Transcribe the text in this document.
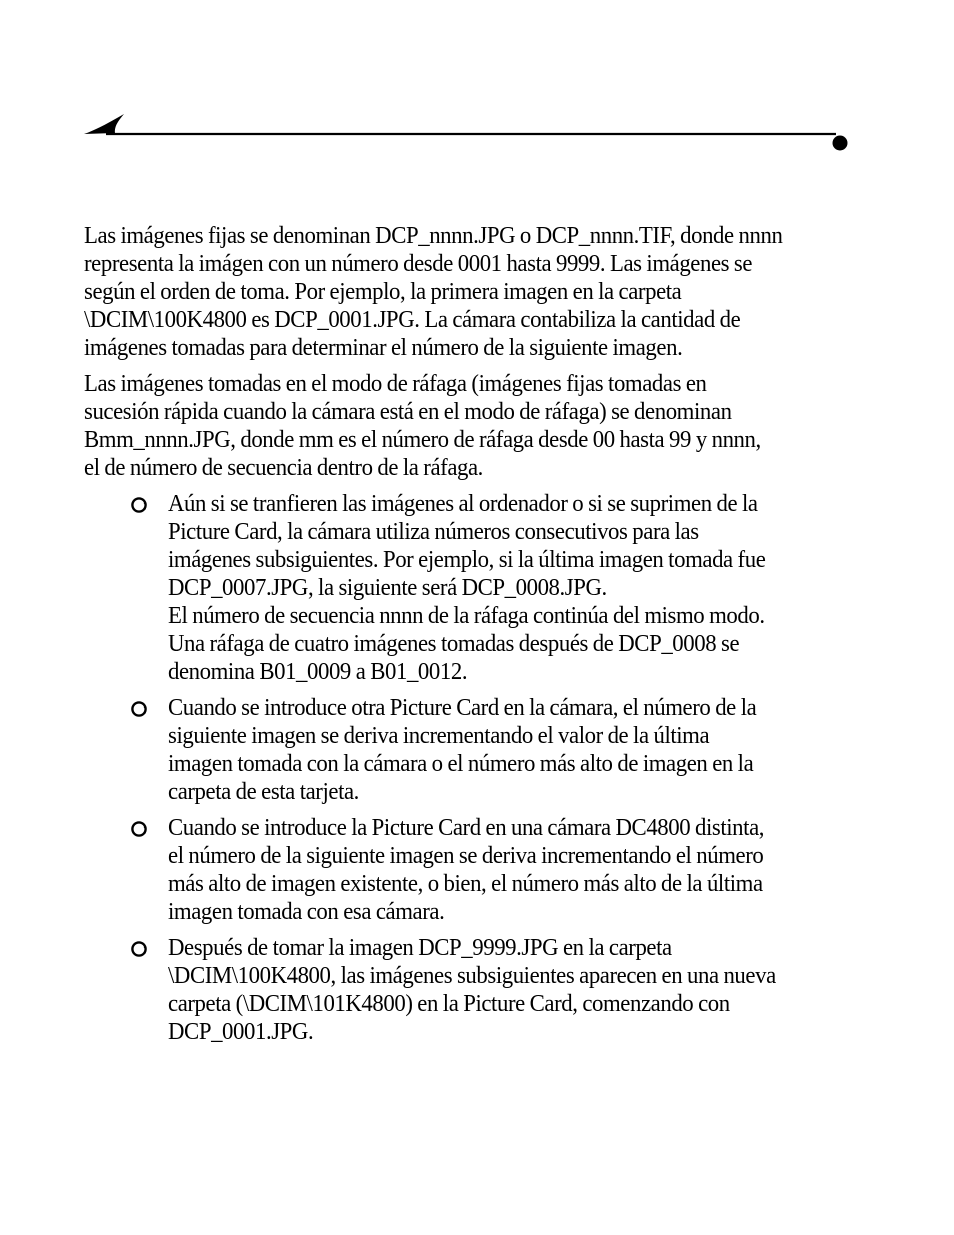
Las imágenes fijas se denominan DCP_nnnn.JPG o DCP_nnnn.TIF, donde nnnn
representa la imágen con un número desde 0001 hasta 9999. Las imágenes se
según el orden de toma. Por ejemplo, la primera imagen en la carpeta
\DCIM\100K4800 es DCP_0001.JPG. La cámara contabiliza la cantidad de
imágenes tomadas para determinar el número de la siguiente imagen.

Las imágenes tomadas en el modo de ráfaga (imágenes fijas tomadas en
sucesión rápida cuando la cámara está en el modo de ráfaga) se denominan
Bmm_nnnn.JPG, donde mm es el número de ráfaga desde 00 hasta 99 y nnnn,
el de número de secuencia dentro de la ráfaga.

Aún si se tranfieren las imágenes al ordenador o si se suprimen de la
Picture Card, la cámara utiliza números consecutivos para las
imágenes subsiguientes. Por ejemplo, si la última imagen tomada fue
DCP_0007.JPG, la siguiente será DCP_0008.JPG.
El número de secuencia nnnn de la ráfaga continúa del mismo modo.
Una ráfaga de cuatro imágenes tomadas después de DCP_0008 se
denomina B01_0009 a B01_0012.
Cuando se introduce otra Picture Card en la cámara, el número de la
siguiente imagen se deriva incrementando el valor de la última
imagen tomada con la cámara o el número más alto de imagen en la
carpeta de esta tarjeta.
Cuando se introduce la Picture Card en una cámara DC4800 distinta,
el número de la siguiente imagen se deriva incrementando el número
más alto de imagen existente, o bien, el número más alto de la última
imagen tomada con esa cámara.
Después de tomar la imagen DCP_9999.JPG en la carpeta
\DCIM\100K4800, las imágenes subsiguientes aparecen en una nueva
carpeta (\DCIM\101K4800) en la Picture Card, comenzando con
DCP_0001.JPG.
